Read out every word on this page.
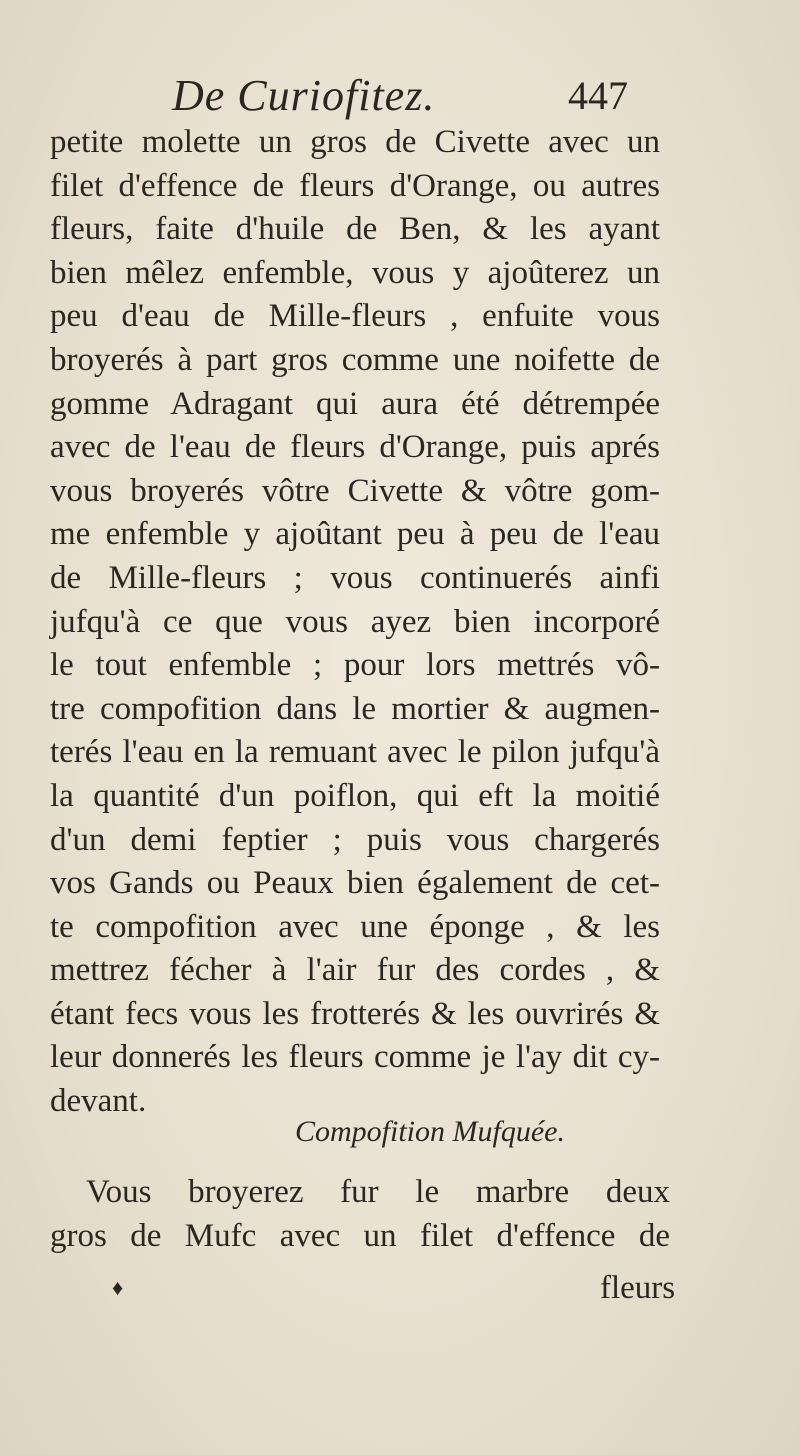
De Curiofitez.	447
petite molette un gros de Civette avec un
filet d'effence de fleurs d'Orange, ou autres
fleurs, faite d'huile de Ben, & les ayant
bien mêlez enfemble, vous y ajoûterez un
peu d'eau de Mille-fleurs , enfuite vous
broyerés à part gros comme une noifette de
gomme Adragant qui aura été détrempée
avec de l'eau de fleurs d'Orange, puis aprés
vous broyerés vôtre Civette & vôtre gom-
me enfemble y ajoûtant peu à peu de l'eau
de Mille-fleurs ; vous continuerés ainfi
jufqu'à ce que vous ayez bien incorporé
le tout enfemble ; pour lors mettrés vô-
tre compofition dans le mortier & augmen-
terés l'eau en la remuant avec le pilon jufqu'à
la quantité d'un poiflon, qui eft la moitié
d'un demi feptier ; puis vous chargerés
vos Gands ou Peaux bien également de cet-
te compofition avec une éponge , & les
mettrez fécher à l'air fur des cordes , &
étant fecs vous les frotterés & les ouvrirés &
leur donnerés les fleurs comme je l'ay dit cy-
devant.
Compofition Mufquée.
Vous broyerez fur le marbre deux
gros de Mufc avec un filet d'effence de
♦	fleurs
